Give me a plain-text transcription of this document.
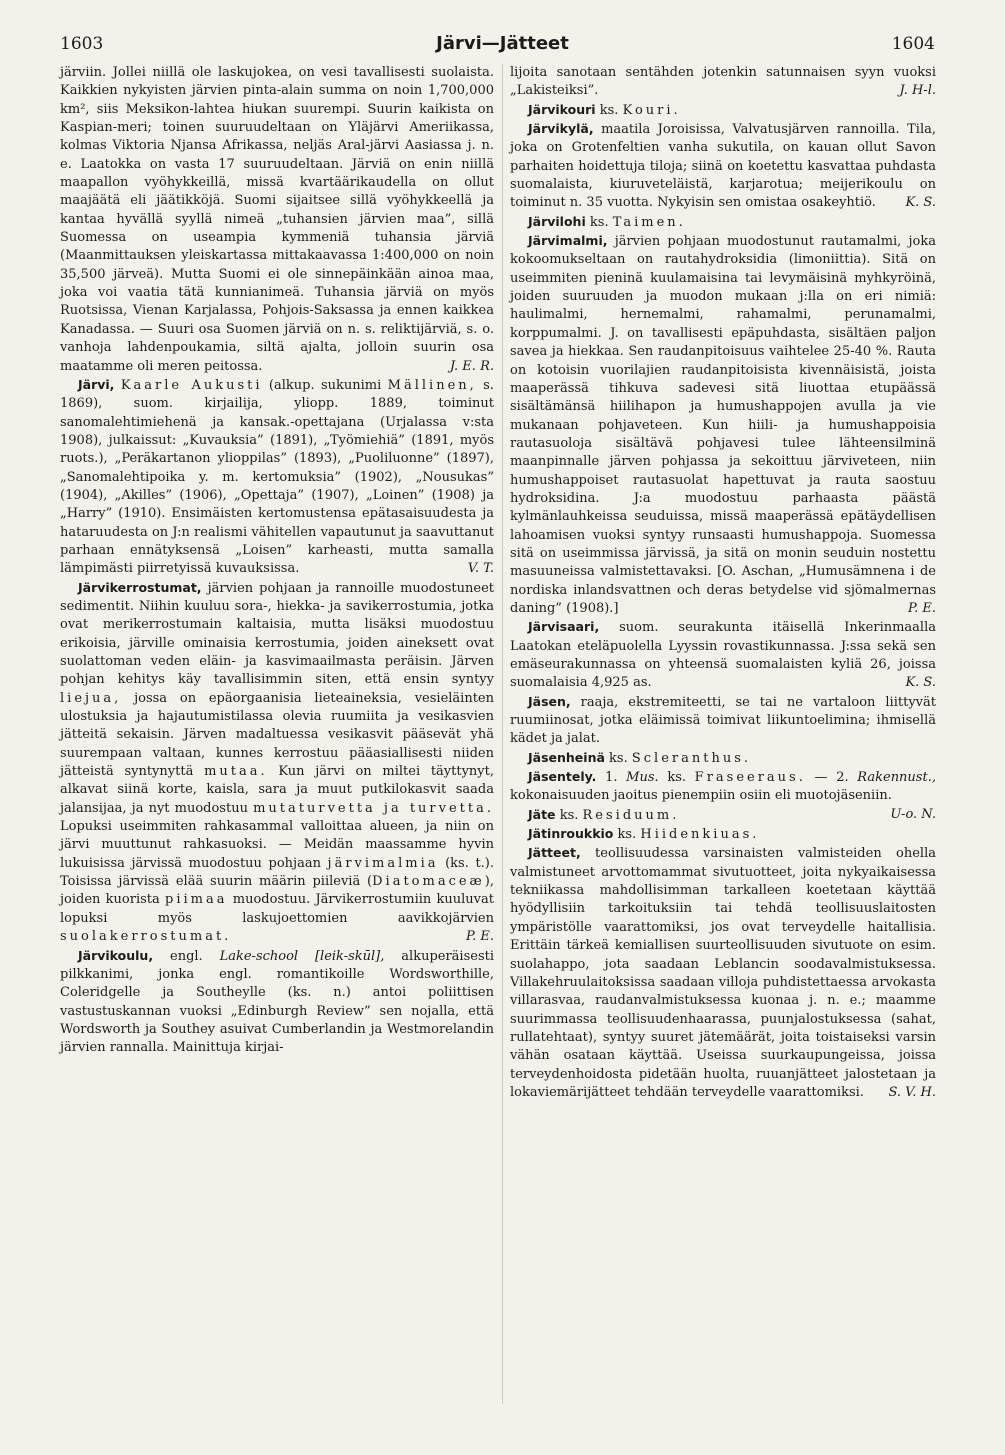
1603	Järvi—Jätteet	1604

järviin. Jollei niillä ole laskujokea, on vesi tavallisesti suolaista. Kaikkien nykyisten järvien pinta-alain summa on noin 1,700,000 km², siis Meksikon-lahtea hiukan suurempi. Suurin kaikista on Kaspian-meri; toinen suuruudeltaan on Yläjärvi Ameriikassa, kolmas Viktoria Njansa Afrikassa, neljäs Aral-järvi Aasiassa j. n. e. Laatokka on vasta 17 suuruudeltaan. Järviä on enin niillä maapallon vyöhykkeillä, missä kvartäärikaudella on ollut maajäätä eli jäätikköjä. Suomi sijaitsee sillä vyöhykkeellä ja kantaa hyvällä syyllä nimeä „tuhansien järvien maa”, sillä Suomessa on useampia kymmeniä tuhansia järviä (Maanmittauksen yleiskartassa mittakaavassa 1:400,000 on noin 35,500 järveä). Mutta Suomi ei ole sinnepäinkään ainoa maa, joka voi vaatia tätä kunnianimeä. Tuhansia järviä on myös Ruotsissa, Vienan Karjalassa, Pohjois-Saksassa ja ennen kaikkea Kanadassa. — Suuri osa Suomen järviä on n. s. reliktijärviä, s. o. vanhoja lahdenpoukamia, siltä ajalta, jolloin suurin osa maatamme oli meren peitossa.	J. E. R.

Järvi, Kaarle Aukusti (alkup. sukunimi Mällinen, s. 1869), suom. kirjailija, yliopp. 1889, toiminut sanomalehtimiehenä ja kansak.-opettajana (Urjalassa v:sta 1908), julkaissut: „Kuvauksia” (1891), „Työmiehiä” (1891, myös ruots.), „Peräkartanon ylioppilas” (1893), „Puoliluonne” (1897), „Sanomalehtipoika y. m. kertomuksia” (1902), „Nousukas” (1904), „Akilles” (1906), „Opettaja” (1907), „Loinen” (1908) ja „Harry” (1910). Ensimäisten kertomustensa epätasaisuudesta ja hataruudesta on J:n realismi vähitellen vapautunut ja saavuttanut parhaan ennätyksensä „Loisen” karheasti, mutta samalla lämpimästi piirretyissä kuvauksissa.	V. T.

Järvikerrostumat, järvien pohjaan ja rannoille muodostuneet sedimentit. Niihin kuuluu sora-, hiekka- ja savikerrostumia, jotka ovat merikerrostumain kaltaisia, mutta lisäksi muodostuu erikoisia, järville ominaisia kerrostumia, joiden aineksett ovat suolattoman veden eläin- ja kasvimaailmasta peräisin. Järven pohjan kehitys käy tavallisimmin siten, että ensin syntyy liejua, jossa on epäorgaanisia lieteaineksia, vesieläinten ulostuksia ja hajautumistilassa olevia ruumiita ja vesikasvien jätteitä sekaisin. Järven madaltuessa vesikasvit pääsevät yhä suurempaan valtaan, kunnes kerrostuu pääasiallisesti niiden jätteistä syntynyttä mutaa. Kun järvi on miltei täyttynyt, alkavat siinä korte, kaisla, sara ja muut putkilokasvit saada jalansijaa, ja nyt muodostuu mutaturvetta ja turvetta. Lopuksi useimmiten rahkasammal valloittaa alueen, ja niin on järvi muuttunut rahkasuoksi. — Meidän maassamme hyvin lukuisissa järvissä muodostuu pohjaan järvimalmia (ks. t.). Toisissa järvissä elää suurin määrin piileviä (Diatomaceæ), joiden kuorista piimaa muodostuu. Järvikerrostumiin kuuluvat lopuksi myös laskujoettomien aavikkojärvien suolakerrostumat.	P. E.

Järvikoulu, engl. Lake-school [leik-skūl], alkuperäisesti pilkkanimi, jonka engl. romantikoille Wordsworthille, Coleridgelle ja Southeylle (ks. n.) antoi poliittisen vastustuskannan vuoksi „Edinburgh Review” sen nojalla, että Wordsworth ja Southey asuivat Cumberlandin ja Westmorelandin järvien rannalla. Mainittuja kirjai-

lijoita sanotaan sentähden jotenkin satunnaisen syyn vuoksi „Lakisteiksi”.	J. H-l.

Järvikouri ks. Kouri.

Järvikylä, maatila Joroisissa, Valvatusjärven rannoilla. Tila, joka on Grotenfeltien vanha sukutila, on kauan ollut Savon parhaiten hoidettuja tiloja; siinä on koetettu kasvattaa puhdasta suomalaista, kiuruveteläistä, karjarotua; meijerikoulu on toiminut n. 35 vuotta. Nykyisin sen omistaa osakeyhtiö.	K. S.

Järvilohi ks. Taimen.

Järvimalmi, järvien pohjaan muodostunut rautamalmi, joka kokoomukseltaan on rautahydroksidia (limoniittia). Sitä on useimmiten pieninä kuulamaisina tai levymäisinä myhkyröinä, joiden suuruuden ja muodon mukaan j:lla on eri nimiä: haulimalmi, hernemalmi, rahamalmi, perunamalmi, korppumalmi. J. on tavallisesti epäpuhdasta, sisältäen paljon savea ja hiekkaa. Sen raudanpitoisuus vaihtelee 25-40 %. Rauta on kotoisin vuorilajien raudanpitoisista kivennäisistä, joista maaperässä tihkuva sadevesi sitä liuottaa etupäässä sisältämänsä hiilihapon ja humushappojen avulla ja vie mukanaan pohjaveteen. Kun hiili- ja humushappoisia rautasuoloja sisältävä pohjavesi tulee lähteensilminä maanpinnalle järven pohjassa ja sekoittuu järviveteen, niin humushappoiset rautasuolat hapettuvat ja rauta saostuu hydroksidina. J:a muodostuu parhaasta päästä kylmänlauhkeissa seuduissa, missä maaperässä epätäydellisen lahoamisen vuoksi syntyy runsaasti humushappoja. Suomessa sitä on useimmissa järvissä, ja sitä on monin seuduin nostettu masuuneissa valmistettavaksi. [O. Aschan, „Humusämnena i de nordiska inlandsvattnen och deras betydelse vid sjömalmernas daning” (1908).]	P. E.

Järvisaari, suom. seurakunta itäisellä Inkerinmaalla Laatokan eteläpuolella Lyyssin rovastikunnassa. J:ssa sekä sen emäseurakunnassa on yhteensä suomalaisten kyliä 26, joissa suomalaisia 4,925 as.	K. S.

Jäsen, raaja, ekstremiteetti, se tai ne vartaloon liittyvät ruumiinosat, jotka eläimissä toimivat liikuntoelimina; ihmisellä kädet ja jalat.

Jäsenheinä ks. Scleranthus.

Jäsentely. 1. Mus. ks. Fraseeraus. — 2. Rakennust., kokonaisuuden jaoitus pienempiin osiin eli muotojäseniin.
U-o. N.

Jäte ks. Residuum.

Jätinroukkio ks. Hiidenkiuas.

Jätteet, teollisuudessa varsinaisten valmisteiden ohella valmistuneet arvottomammat sivutuotteet, joita nykyaikaisessa tekniikassa mahdollisimman tarkalleen koetetaan käyttää hyödyllisiin tarkoituksiin tai tehdä teollisuuslaitosten ympäristölle vaarattomiksi, jos ovat terveydelle haitallisia. Erittäin tärkeä kemiallisen suurteollisuuden sivutuote on esim. suolahappo, jota saadaan Leblancin soodavalmistuksessa. Villakehruulaitoksissa saadaan villoja puhdistettaessa arvokasta villarasvaa, raudanvalmistuksessa kuonaa j. n. e.; maamme suurimmassa teollisuudenhaarassa, puunjalostuksessa (sahat, rullatehtaat), syntyy suuret jätemäärät, joita toistaiseksi varsin vähän osataan käyttää. Useissa suurkaupungeissa, joissa terveydenhoidosta pidetään huolta, ruuanjätteet jalostetaan ja lokaviemärijätteet tehdään terveydelle vaarattomiksi.	S. V. H.
